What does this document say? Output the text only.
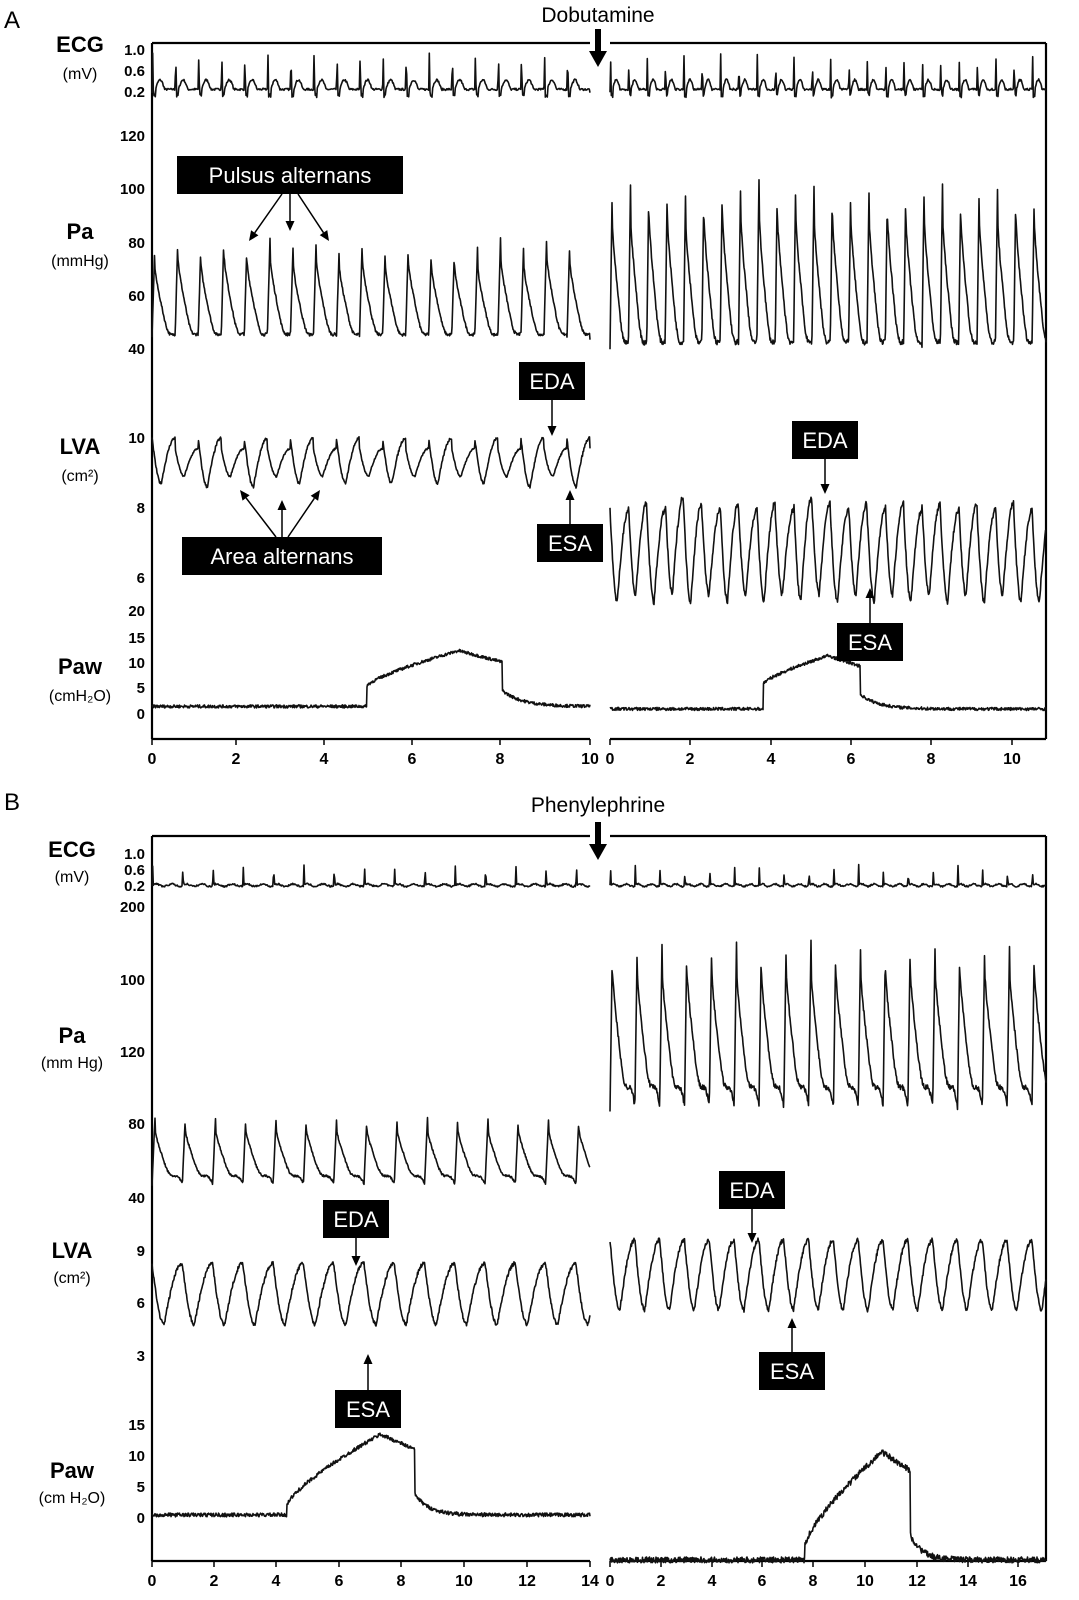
A	Dobutamine
ECG
(mV)
1.0
0.6
0.2
Pa
(mmHg)
120
100
80
60
40
LVA
(cm²)
10
8
6
Paw
(cmH₂O)
20
15
10
5
0
0	2	4	6	8	10 0	2	4	6	8	10
Pulsus alternans
Area alternans
EDA
ESA
EDA
ESA
B	Phenylephrine
ECG
(mV)
1.0
0.6
0.2
Pa
(mm Hg)
200
100
120
80
40
LVA
(cm²)
9
6
3
Paw
(cm H₂O)
15
10
5
0
0	2	4	6	8	10	12	14 0	2	4	6	8 10 12 14 16
EDA
ESA
EDA
ESA
